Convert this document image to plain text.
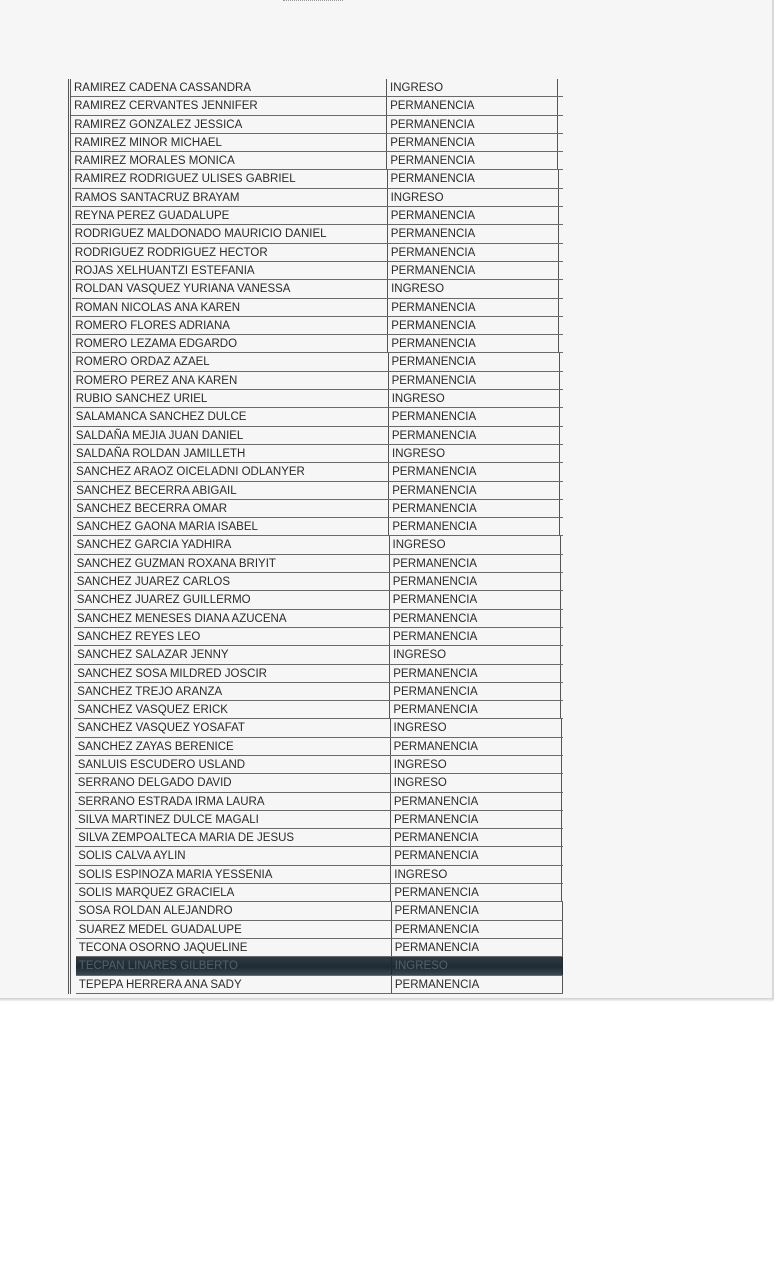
RAMIREZ CADENA CASSANDRA	INGRESO
RAMIREZ CERVANTES JENNIFER	PERMANENCIA
RAMIREZ GONZALEZ JESSICA	PERMANENCIA
RAMIREZ MINOR MICHAEL	PERMANENCIA
RAMIREZ MORALES MONICA	PERMANENCIA
RAMIREZ RODRIGUEZ ULISES GABRIEL	PERMANENCIA
RAMOS SANTACRUZ BRAYAM	INGRESO
REYNA PEREZ GUADALUPE	PERMANENCIA
RODRIGUEZ MALDONADO MAURICIO DANIEL	PERMANENCIA
RODRIGUEZ RODRIGUEZ HECTOR	PERMANENCIA
ROJAS XELHUANTZI ESTEFANIA	PERMANENCIA
ROLDAN VASQUEZ YURIANA VANESSA	INGRESO
ROMAN NICOLAS ANA KAREN	PERMANENCIA
ROMERO FLORES ADRIANA	PERMANENCIA
ROMERO LEZAMA EDGARDO	PERMANENCIA
ROMERO ORDAZ AZAEL	PERMANENCIA
ROMERO PEREZ ANA KAREN	PERMANENCIA
RUBIO SANCHEZ URIEL	INGRESO
SALAMANCA SANCHEZ DULCE	PERMANENCIA
SALDAÑA MEJIA JUAN DANIEL	PERMANENCIA
SALDAÑA ROLDAN JAMILLETH	INGRESO
SANCHEZ ARAOZ OICELADNI ODLANYER	PERMANENCIA
SANCHEZ BECERRA ABIGAIL	PERMANENCIA
SANCHEZ BECERRA OMAR	PERMANENCIA
SANCHEZ GAONA MARIA ISABEL	PERMANENCIA
SANCHEZ GARCIA YADHIRA	INGRESO
SANCHEZ GUZMAN ROXANA BRIYIT	PERMANENCIA
SANCHEZ JUAREZ CARLOS	PERMANENCIA
SANCHEZ JUAREZ GUILLERMO	PERMANENCIA
SANCHEZ MENESES DIANA AZUCENA	PERMANENCIA
SANCHEZ REYES LEO	PERMANENCIA
SANCHEZ SALAZAR JENNY	INGRESO
SANCHEZ SOSA MILDRED JOSCIR	PERMANENCIA
SANCHEZ TREJO ARANZA	PERMANENCIA
SANCHEZ VASQUEZ ERICK	PERMANENCIA
SANCHEZ VASQUEZ YOSAFAT	INGRESO
SANCHEZ ZAYAS BERENICE	PERMANENCIA
SANLUIS ESCUDERO USLAND	INGRESO
SERRANO DELGADO DAVID	INGRESO
SERRANO ESTRADA IRMA LAURA	PERMANENCIA
SILVA MARTINEZ DULCE MAGALI	PERMANENCIA
SILVA ZEMPOALTECA MARIA DE JESUS	PERMANENCIA
SOLIS CALVA AYLIN	PERMANENCIA
SOLIS ESPINOZA MARIA YESSENIA	INGRESO
SOLIS MARQUEZ GRACIELA	PERMANENCIA
SOSA ROLDAN ALEJANDRO	PERMANENCIA
SUAREZ MEDEL GUADALUPE	PERMANENCIA
TECONA OSORNO JAQUELINE	PERMANENCIA
TECPAN LINARES GILBERTO	INGRESO
TEPEPA HERRERA ANA SADY	PERMANENCIA
